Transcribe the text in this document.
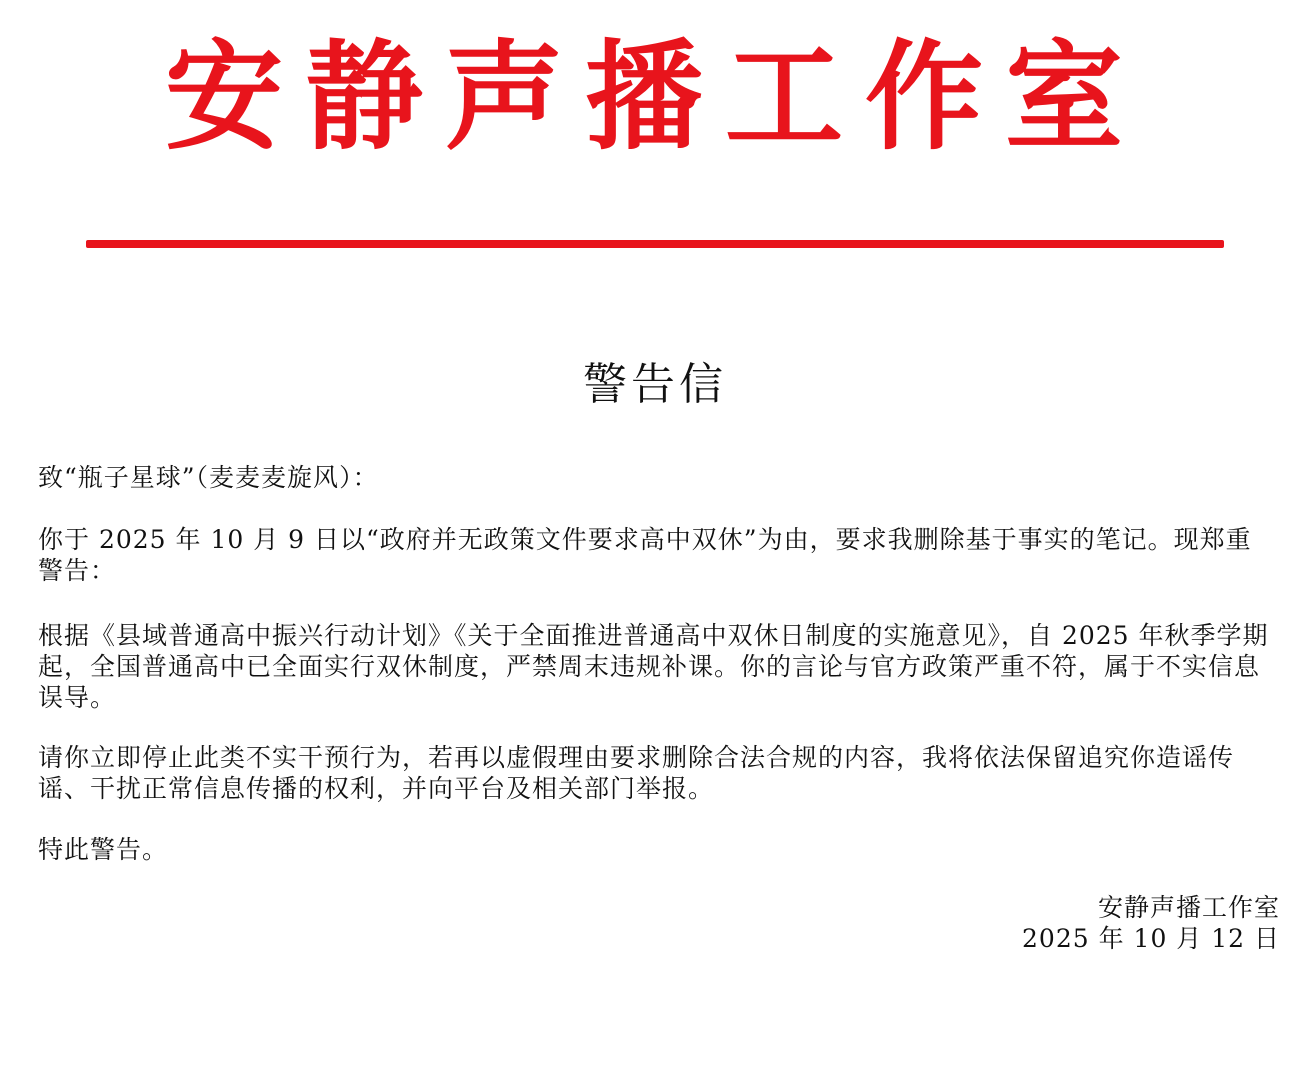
安静声播工作室
警告信

致“瓶子星球”（麦麦麦旋风）：

你于 2025 年 10 月 9 日以“政府并无政策文件要求高中双休”为由，要求我删除基于事实的笔记。现郑重警告：

根据《县域普通高中振兴行动计划》《关于全面推进普通高中双休日制度的实施意见》，自 2025 年秋季学期起，全国普通高中已全面实行双休制度，严禁周末违规补课。你的言论与官方政策严重不符，属于不实信息误导。

请你立即停止此类不实干预行为，若再以虚假理由要求删除合法合规的内容，我将依法保留追究你造谣传谣、干扰正常信息传播的权利，并向平台及相关部门举报。

特此警告。

安静声播工作室
2025 年 10 月 12 日
